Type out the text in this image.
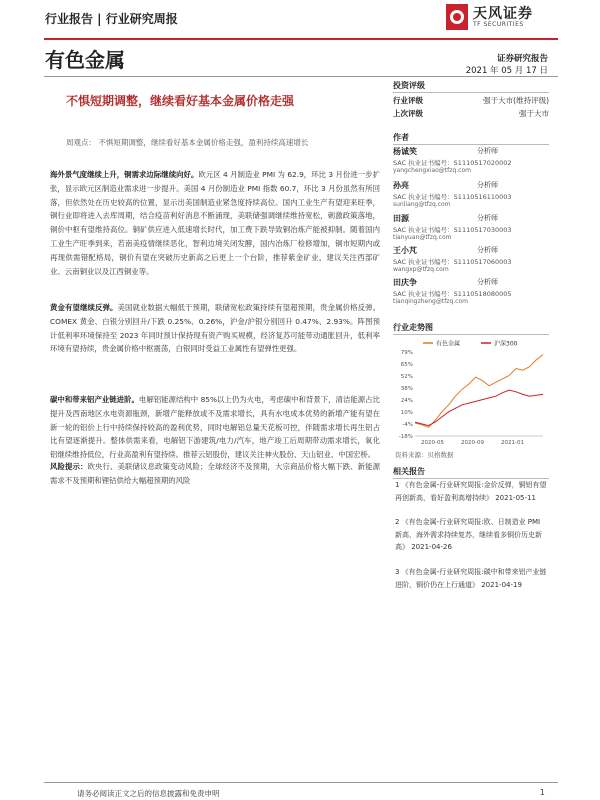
行业报告 | 行业研究周报	天风证券
TF SECURITIES
有色金属	证券研究报告
2021 年 05 月 17 日
不惧短期调整，继续看好基本金属价格走强
周观点： 不惧短期调整，继续看好基本金属价格走强，盈利持续高速增长
海外景气度继续上升，铜需求边际继续向好。欧元区 4 月制造业 PMI 为 62.9，环比 3 月份进一步扩张，显示欧元区制造业需求进一步提升。美国 4 月份制造业 PMI 指数 60.7，环比 3 月份虽然有所回落，但依然处在历史较高的位置，显示出美国制造业紧急度持续高位。国内工业生产有望迎来旺季，铜行业即将进入去库周期，结合疫苗利好消息不断涌现，美联储强调继续维持宽松，刺激政策落地，铜价中枢有望维持高位。铜矿供应进入低速增长时代，加工费下跌导致铜冶炼产能被抑制。随着国内工业生产旺季到来，若南美疫情继续恶化，智利边境关闭发酵，国内冶炼厂检修增加，铜市短期内或再现供需错配格局，铜价有望在突破历史新高之后更上一个台阶，推荐紫金矿业，建议关注西部矿业、云南铜业以及江西铜业等。
黄金有望继续反弹。美国就业数据大幅低于预期，联储宽松政策持续有望超预期，贵金属价格反弹。COMEX 黄金、白银分别回升/下跌 0.25%、0.26%，沪金/沪银分别回升 0.47%、2.93%。阵图预计低利率环境保持至 2023 年同时预计保持现有资产购买规模，经济复苏可能带动通胀回升，低利率环境有望持续，贵金属价格中枢震荡，白银同时受益工业属性有望弹性更强。
碳中和带来铝产业链进阶。电解铝能源结构中 85%以上仍为火电，考虑碳中和背景下，清洁能源占比提升及西南地区水电资源瓶颈，新增产能释放或不及需求增长，具有水电成本优势的新增产能有望在新一轮的铝价上行中持续保持较高的盈利优势，同时电解铝总量天花板可控，伴随需求增长再生铝占比有望逐渐提升。整体供需来看，电解铝下游建筑/电力/汽车，地产竣工后周期带动需求增长，氧化铝继续维持低位，行业高盈利有望持续。推荐云铝股份，建议关注神火股份、天山铝业、中国宏桥。
风险提示：欧央行、美联储议息政策变动风险；全球经济不及预期，大宗商品价格大幅下跌、新能源需求不及预期和锂钴供给大幅超预期的风险
投资评级
行业评级	强于大市(维持评级)
上次评级	强于大市
作者
杨诚笑	分析师
SAC 执业证书编号：S1110517020002
yangchengxiao@tfzq.com
孙亮	分析师
SAC 执业证书编号：S1110516110003
sunliang@tfzq.com
田源	分析师
SAC 执业证书编号：S1110517030003
tianyuan@tfzq.com
王小芃	分析师
SAC 执业证书编号：S1110517060003
wangxp@tfzq.com
田庆争	分析师
SAC 执业证书编号：S1110518080005
tianqingzheng@tfzq.com
行业走势图
有色金属	沪深300
79%
65%
52%
38%
24%
10%
-4%
-18%
2020-05	2020-09	2021-01
资料来源：贝格数据
相关报告
1 《有色金属-行业研究周报:金价反弹，铜铝有望再创新高，看好盈利高增持续》 2021-05-11
2 《有色金属-行业研究周报:欧、日制造业 PMI 新高，海外需求持续复苏，继续看多铜价历史新高》 2021-04-26
3 《有色金属-行业研究周报:碳中和带来铝产业链进阶，铜价仍在上行通道》 2021-04-19
请务必阅读正文之后的信息披露和免责申明	1
